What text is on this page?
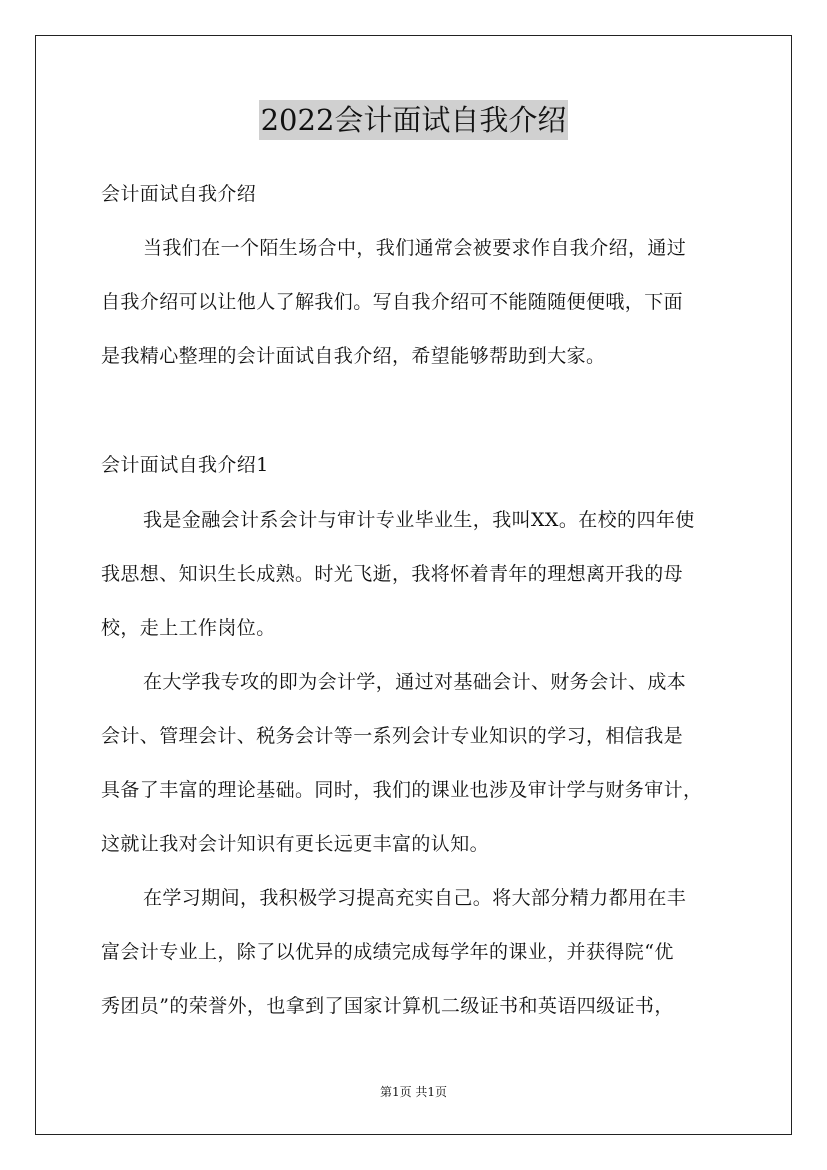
2022会计面试自我介绍
会计面试自我介绍
当我们在一个陌生场合中，我们通常会被要求作自我介绍，通过
自我介绍可以让他人了解我们。写自我介绍可不能随随便便哦，下面
是我精心整理的会计面试自我介绍，希望能够帮助到大家。
会计面试自我介绍1
我是金融会计系会计与审计专业毕业生，我叫XX。在校的四年使
我思想、知识生长成熟。时光飞逝，我将怀着青年的理想离开我的母
校，走上工作岗位。
在大学我专攻的即为会计学，通过对基础会计、财务会计、成本
会计、管理会计、税务会计等一系列会计专业知识的学习，相信我是
具备了丰富的理论基础。同时，我们的课业也涉及审计学与财务审计，
这就让我对会计知识有更长远更丰富的认知。
在学习期间，我积极学习提高充实自己。将大部分精力都用在丰
富会计专业上，除了以优异的成绩完成每学年的课业，并获得院“优
秀团员”的荣誉外，也拿到了国家计算机二级证书和英语四级证书，
第1页 共1页
